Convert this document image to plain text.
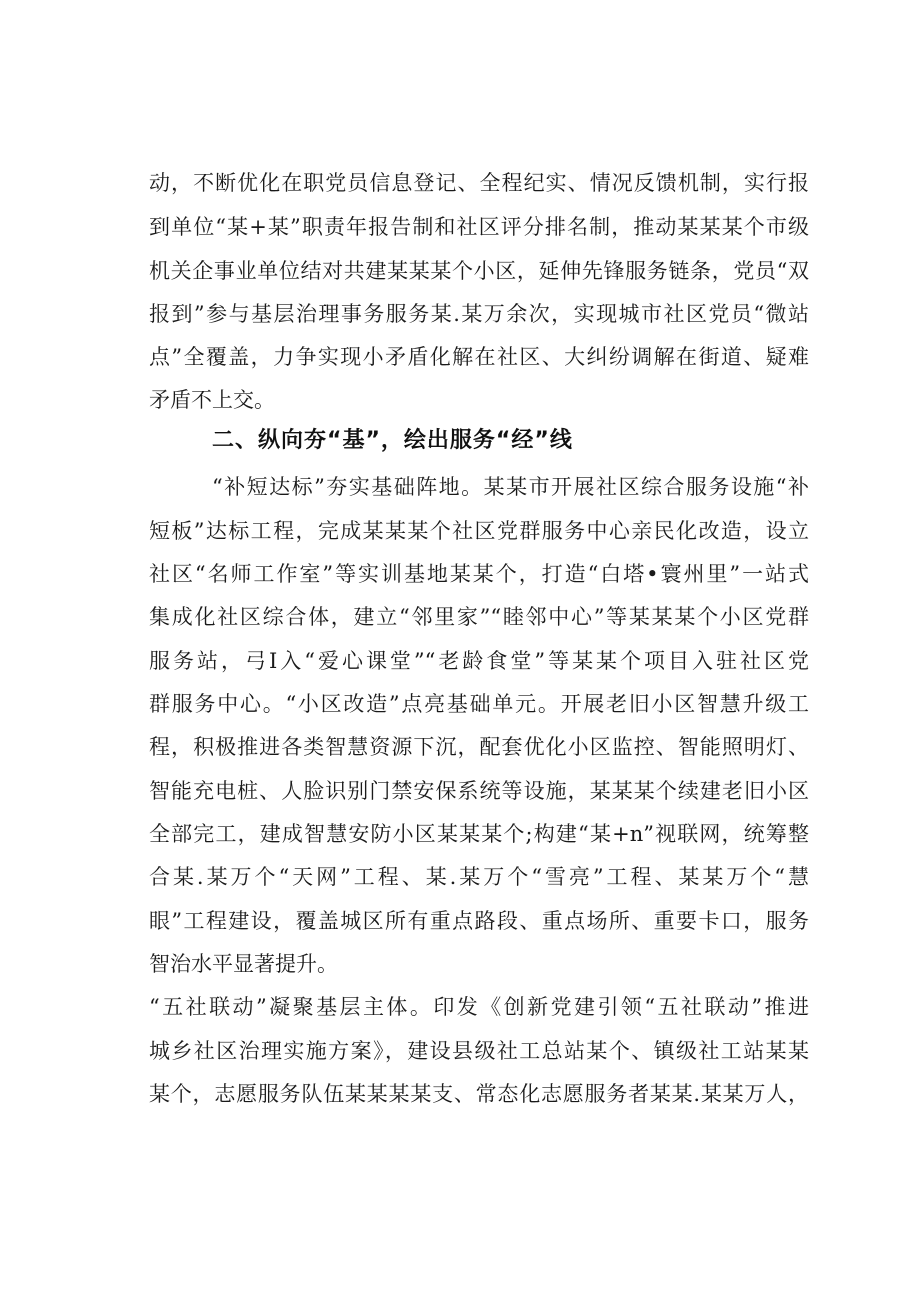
动，不断优化在职党员信息登记、全程纪实、情况反馈机制，实行报
到单位“某+某”职责年报告制和社区评分排名制，推动某某某个市级
机关企事业单位结对共建某某某个小区，延伸先锋服务链条，党员“双
报到”参与基层治理事务服务某.某万余次，实现城市社区党员“微站
点”全覆盖，力争实现小矛盾化解在社区、大纠纷调解在街道、疑难
矛盾不上交。
二、纵向夯“基”，绘出服务“经”线
“补短达标”夯实基础阵地。某某市开展社区综合服务设施“补
短板”达标工程，完成某某某个社区党群服务中心亲民化改造，设立
社区“名师工作室”等实训基地某某个，打造“白塔•寰州里”一站式
集成化社区综合体，建立“邻里家”“睦邻中心”等某某某个小区党群
服务站，弓I入“爱心课堂”“老龄食堂”等某某个项目入驻社区党
群服务中心。“小区改造”点亮基础单元。开展老旧小区智慧升级工
程，积极推进各类智慧资源下沉，配套优化小区监控、智能照明灯、
智能充电桩、人脸识别门禁安保系统等设施，某某某个续建老旧小区
全部完工，建成智慧安防小区某某某个;构建“某+n”视联网，统筹整
合某.某万个“天网”工程、某.某万个“雪亮”工程、某某万个“慧
眼”工程建设，覆盖城区所有重点路段、重点场所、重要卡口，服务
智治水平显著提升。
“五社联动”凝聚基层主体。印发《创新党建引领“五社联动”推进
城乡社区治理实施方案》，建设县级社工总站某个、镇级社工站某某
某个，志愿服务队伍某某某某支、常态化志愿服务者某某.某某万人，
